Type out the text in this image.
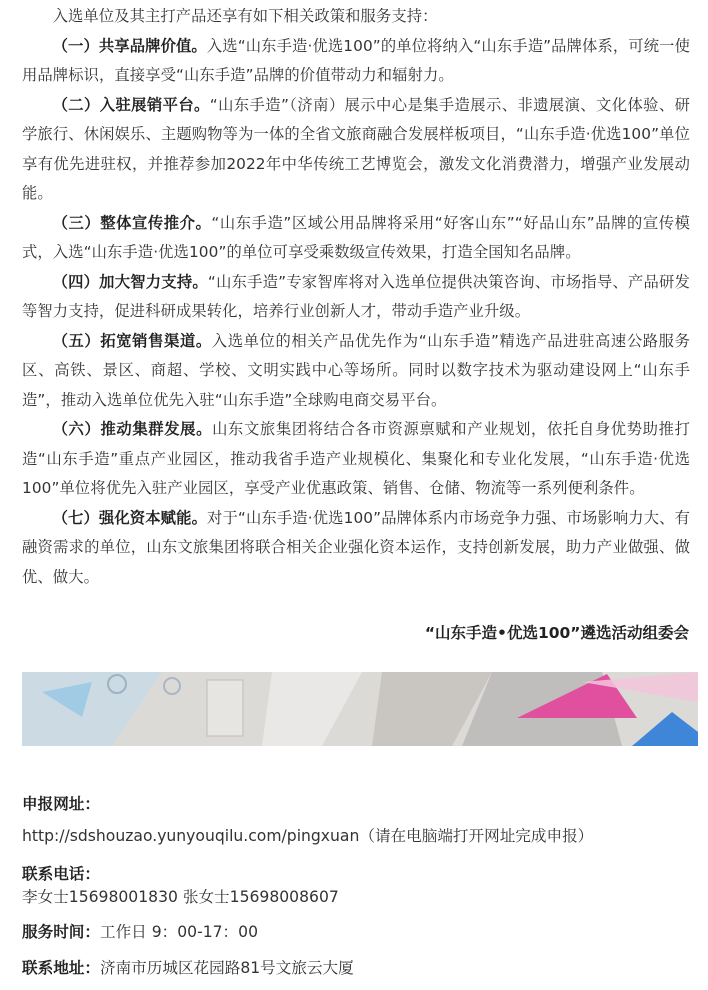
入选单位及其主打产品还享有如下相关政策和服务支持：

（一）共享品牌价值。入选“山东手造·优选100”的单位将纳入“山东手造”品牌体系，可统一使用品牌标识，直接享受“山东手造”品牌的价值带动力和辐射力。

（二）入驻展销平台。“山东手造”（济南）展示中心是集手造展示、非遗展演、文化体验、研学旅行、休闲娱乐、主题购物等为一体的全省文旅商融合发展样板项目，“山东手造·优选100”单位享有优先进驻权，并推荐参加2022年中华传统工艺博览会，激发文化消费潜力，增强产业发展动能。

（三）整体宣传推介。“山东手造”区域公用品牌将采用“好客山东”“好品山东”品牌的宣传模式，入选“山东手造·优选100”的单位可享受乘数级宣传效果，打造全国知名品牌。

（四）加大智力支持。“山东手造”专家智库将对入选单位提供决策咨询、市场指导、产品研发等智力支持，促进科研成果转化，培养行业创新人才，带动手造产业升级。

（五）拓宽销售渠道。入选单位的相关产品优先作为“山东手造”精选产品进驻高速公路服务区、高铁、景区、商超、学校、文明实践中心等场所。同时以数字技术为驱动建设网上“山东手造”，推动入选单位优先入驻“山东手造”全球购电商交易平台。

（六）推动集群发展。山东文旅集团将结合各市资源禀赋和产业规划，依托自身优势助推打造“山东手造”重点产业园区，推动我省手造产业规模化、集聚化和专业化发展，“山东手造·优选100”单位将优先入驻产业园区，享受产业优惠政策、销售、仓储、物流等一系列便利条件。

（七）强化资本赋能。对于“山东手造·优选100”品牌体系内市场竞争力强、市场影响力大、有融资需求的单位，山东文旅集团将联合相关企业强化资本运作，支持创新发展，助力产业做强、做优、做大。

“山东手造•优选100”遴选活动组委会
申报网址：
http://sdshouzao.yunyouqilu.com/pingxuan（请在电脑端打开网址完成申报）
联系电话：
李女士15698001830 张女士15698008607
服务时间：工作日 9：00-17：00
联系地址：济南市历城区花园路81号文旅云大厦
